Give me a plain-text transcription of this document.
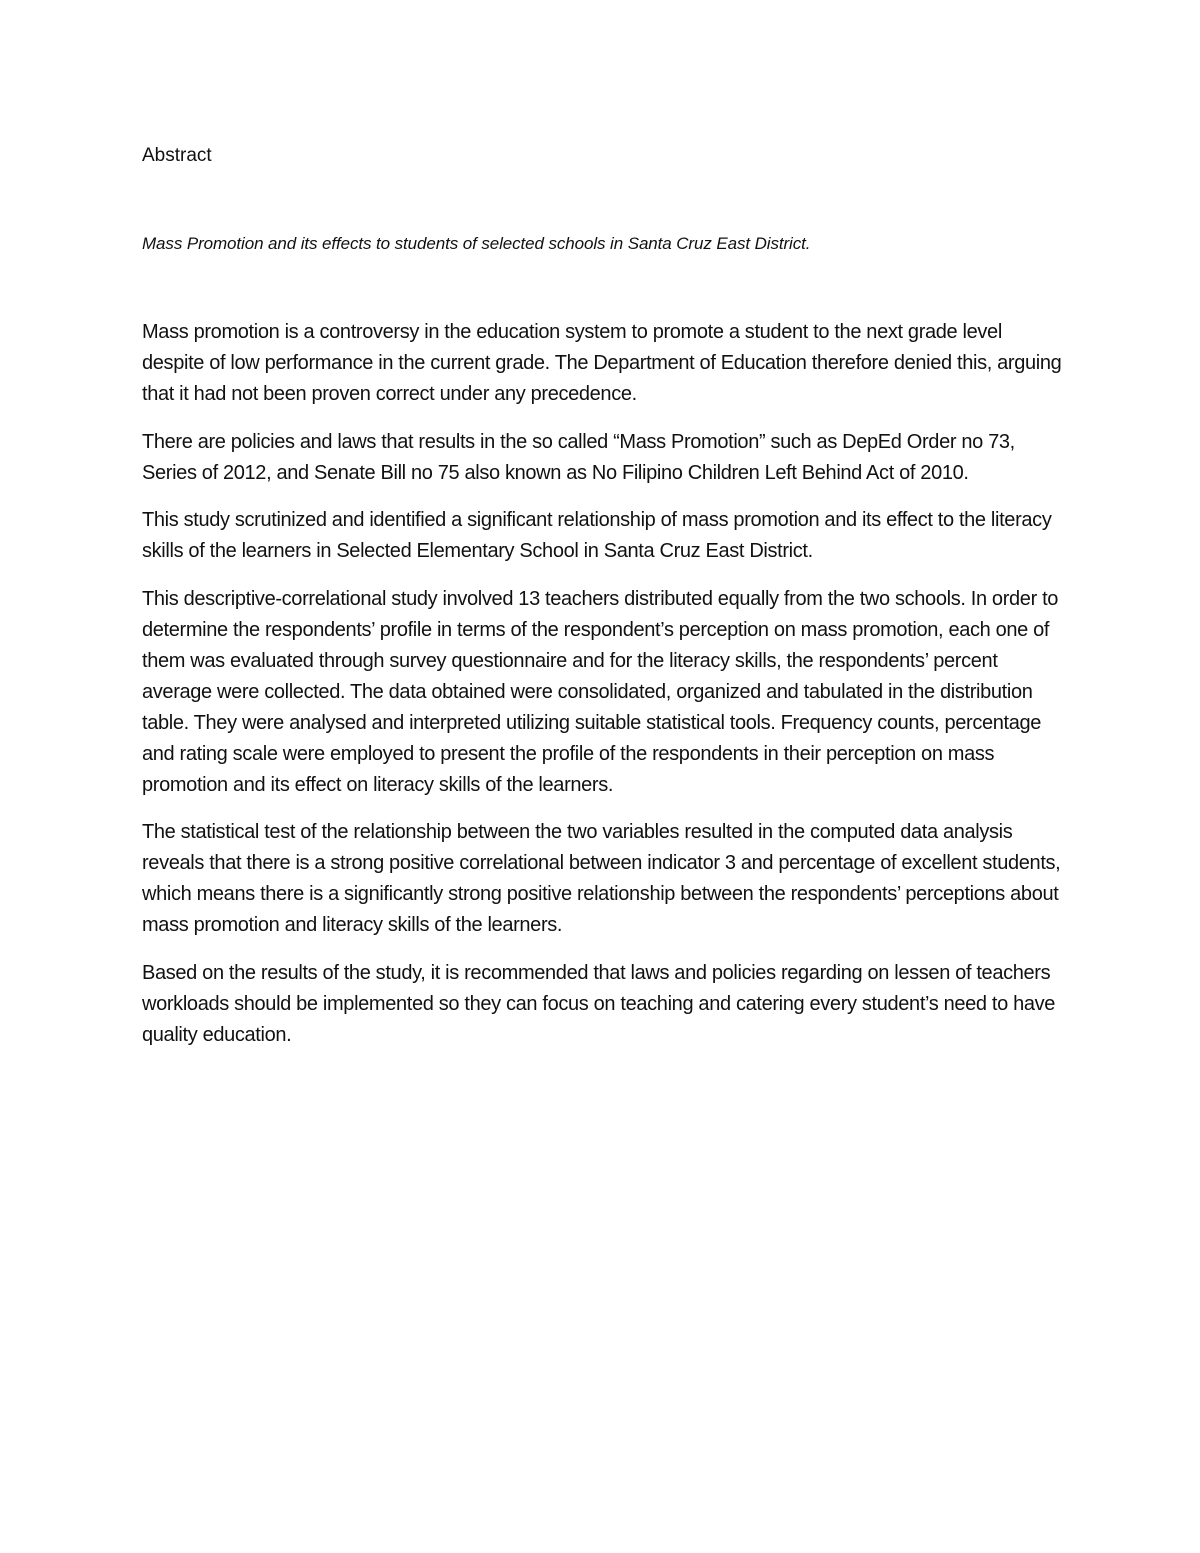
Abstract
Mass Promotion and its effects to students of selected schools in Santa Cruz East District.

Mass promotion is a controversy in the education system to promote a student to the next grade level despite of low performance in the current grade. The Department of Education therefore denied this, arguing that it had not been proven correct under any precedence.

There are policies and laws that results in the so called “Mass Promotion” such as DepEd Order no 73, Series of 2012, and Senate Bill no 75 also known as No Filipino Children Left Behind Act of 2010.

This study scrutinized and identified a significant relationship of mass promotion and its effect to the literacy skills of the learners in Selected Elementary School in Santa Cruz East District.

This descriptive-correlational study involved 13 teachers distributed equally from the two schools. In order to determine the respondents’ profile in terms of the respondent’s perception on mass promotion, each one of them was evaluated through survey questionnaire and for the literacy skills, the respondents’ percent average were collected. The data obtained were consolidated, organized and tabulated in the distribution table. They were analysed and interpreted utilizing suitable statistical tools. Frequency counts, percentage and rating scale were employed to present the profile of the respondents in their perception on mass promotion and its effect on literacy skills of the learners.

The statistical test of the relationship between the two variables resulted in the computed data analysis reveals that there is a strong positive correlational between indicator 3 and percentage of excellent students, which means there is a significantly strong positive relationship between the respondents’ perceptions about mass promotion and literacy skills of the learners.

Based on the results of the study, it is recommended that laws and policies regarding on lessen of teachers workloads should be implemented so they can focus on teaching and catering every student’s need to have quality education.
